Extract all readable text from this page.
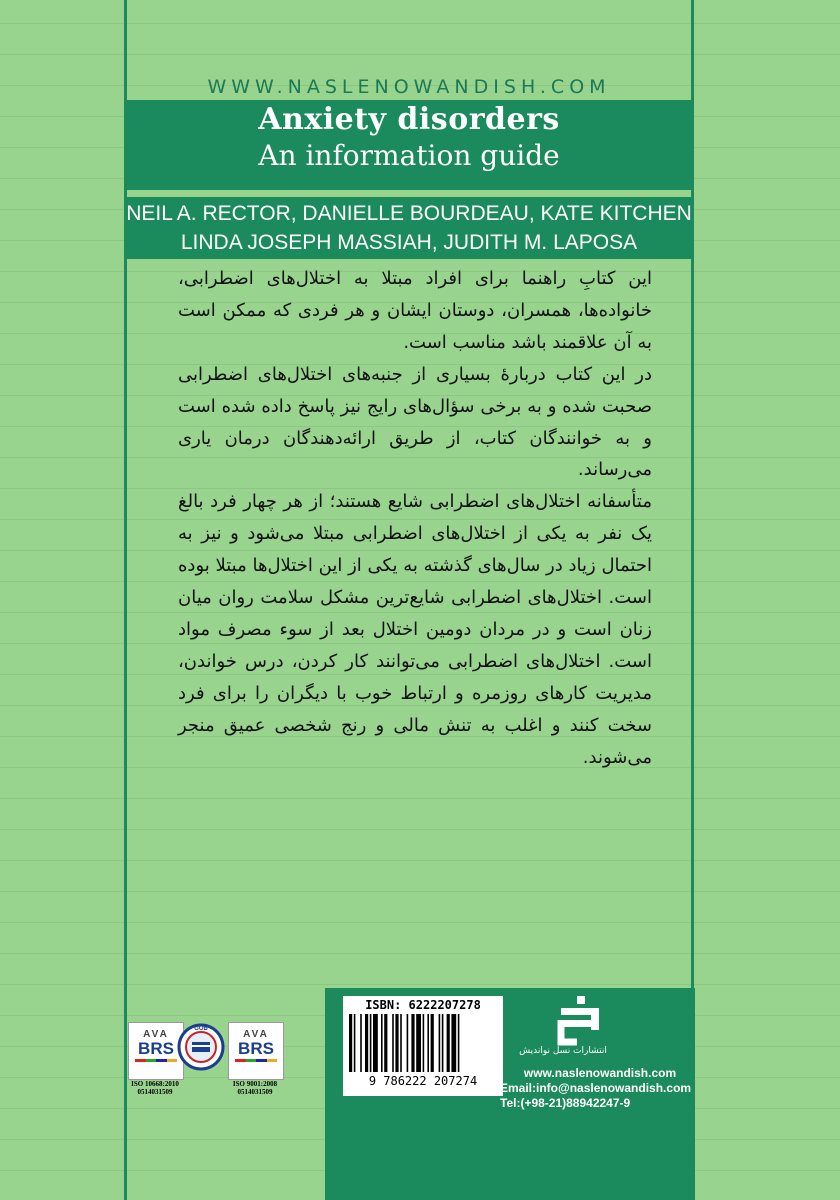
WWW.NASLENOWANDISH.COM
Anxiety disorders
An information guide
NEIL A. RECTOR, DANIELLE BOURDEAU, KATE KITCHEN
LINDA JOSEPH MASSIAH, JUDITH M. LAPOSA

این کتابِ راهنما برای افراد مبتلا به اختلال‌های اضطرابی، خانواده‌ها، همسران، دوستان ایشان و هر فردی که ممکن است به آن علاقمند باشد مناسب است.

در این کتاب دربارۀ بسیاری از جنبه‌های اختلال‌های اضطرابی صحبت شده و به برخی سؤال‌های رایج نیز پاسخ داده شده است و به خوانندگان کتاب، از طریق ارائه‌دهندگان درمان یاری می‌رساند.

متأسفانه اختلال‌های اضطرابی شایع هستند؛ از هر چهار فرد بالغ یک نفر به یکی از اختلال‌های اضطرابی مبتلا می‌شود و نیز به احتمال زیاد در سال‌های گذشته به یکی از این اختلال‌ها مبتلا بوده است. اختلال‌های اضطرابی شایع‌ترین مشکل سلامت روان میان زنان است و در مردان دومین اختلال بعد از سوء مصرف مواد است. اختلال‌های اضطرابی می‌توانند کار کردن، درس خواندن، مدیریت کارهای روزمره و ارتباط خوب با دیگران را برای فرد سخت کنند و اغلب به تنش مالی و رنج شخصی عمیق منجر می‌شوند.

AVA
BRS
ISO 10668:2010
0514031509
GOB	AVA
BRS
ISO 9001:2008
0514031509
ISBN: 6222207278
9 786222 207274
انتشارات نسل نواندیش
www.naslenowandish.com
Email:info@naslenowandish.com
Tel:(+98-21)88942247-9
